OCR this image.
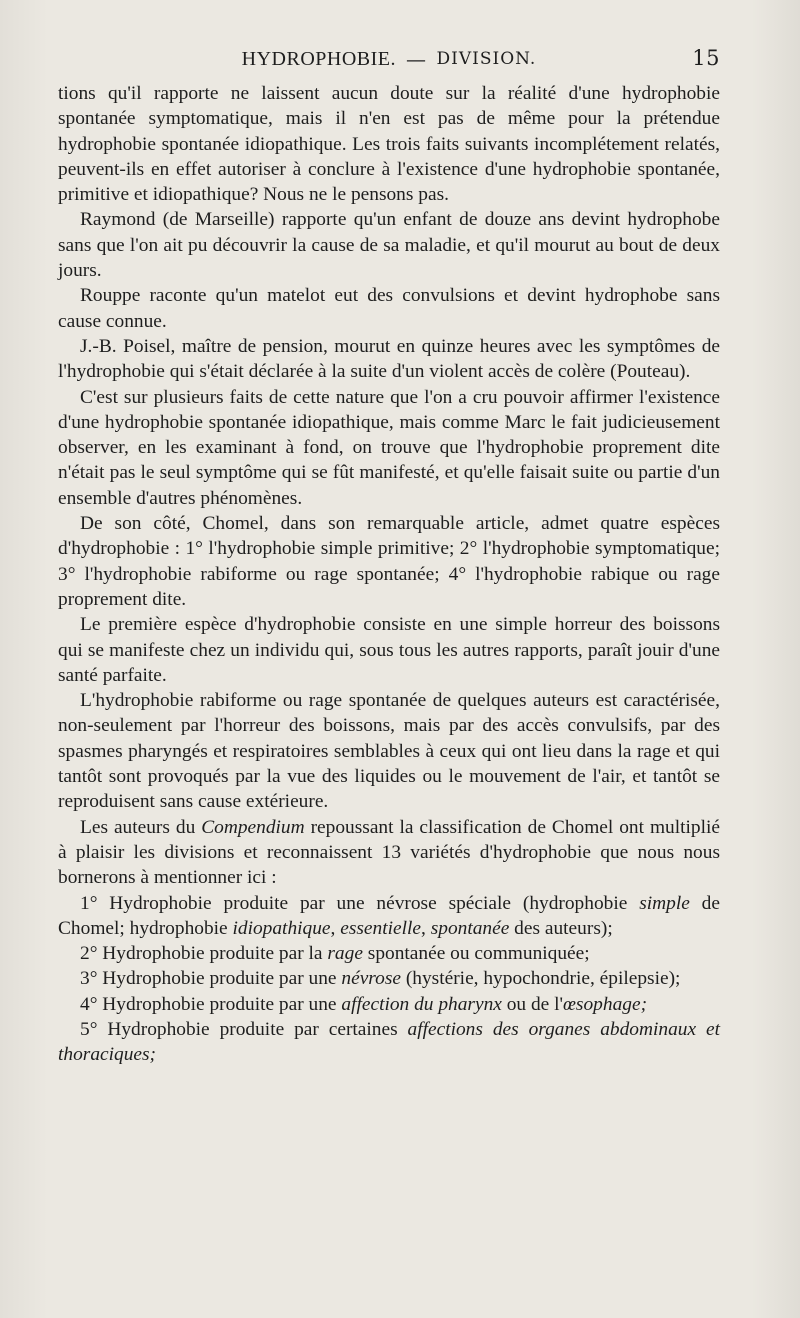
HYDROPHOBIE. — DIVISION.	15

tions qu'il rapporte ne laissent aucun doute sur la réalité d'une hydrophobie spontanée symptomatique, mais il n'en est pas de même pour la prétendue hydrophobie spontanée idiopathique. Les trois faits suivants incomplétement relatés, peuvent-ils en effet autoriser à conclure à l'existence d'une hydrophobie spontanée, primitive et idiopathique? Nous ne le pensons pas.

Raymond (de Marseille) rapporte qu'un enfant de douze ans devint hydrophobe sans que l'on ait pu découvrir la cause de sa maladie, et qu'il mourut au bout de deux jours.

Rouppe raconte qu'un matelot eut des convulsions et devint hydrophobe sans cause connue.

J.-B. Poisel, maître de pension, mourut en quinze heures avec les symptômes de l'hydrophobie qui s'était déclarée à la suite d'un violent accès de colère (Pouteau).

C'est sur plusieurs faits de cette nature que l'on a cru pouvoir affirmer l'existence d'une hydrophobie spontanée idiopathique, mais comme Marc le fait judicieusement observer, en les examinant à fond, on trouve que l'hydrophobie proprement dite n'était pas le seul symptôme qui se fût manifesté, et qu'elle faisait suite ou partie d'un ensemble d'autres phénomènes.

De son côté, Chomel, dans son remarquable article, admet quatre espèces d'hydrophobie : 1° l'hydrophobie simple primitive; 2° l'hydrophobie symptomatique; 3° l'hydrophobie rabiforme ou rage spontanée; 4° l'hydrophobie rabique ou rage proprement dite.

Le première espèce d'hydrophobie consiste en une simple horreur des boissons qui se manifeste chez un individu qui, sous tous les autres rapports, paraît jouir d'une santé parfaite.

L'hydrophobie rabiforme ou rage spontanée de quelques auteurs est caractérisée, non-seulement par l'horreur des boissons, mais par des accès convulsifs, par des spasmes pharyngés et respiratoires semblables à ceux qui ont lieu dans la rage et qui tantôt sont provoqués par la vue des liquides ou le mouvement de l'air, et tantôt se reproduisent sans cause extérieure.

Les auteurs du Compendium repoussant la classification de Chomel ont multiplié à plaisir les divisions et reconnaissent 13 variétés d'hydrophobie que nous nous bornerons à mentionner ici :

1° Hydrophobie produite par une névrose spéciale (hydrophobie simple de Chomel; hydrophobie idiopathique, essentielle, spontanée des auteurs);

2° Hydrophobie produite par la rage spontanée ou communiquée;

3° Hydrophobie produite par une névrose (hystérie, hypochondrie, épilepsie);

4° Hydrophobie produite par une affection du pharynx ou de l'œsophage;

5° Hydrophobie produite par certaines affections des organes abdominaux et thoraciques;
